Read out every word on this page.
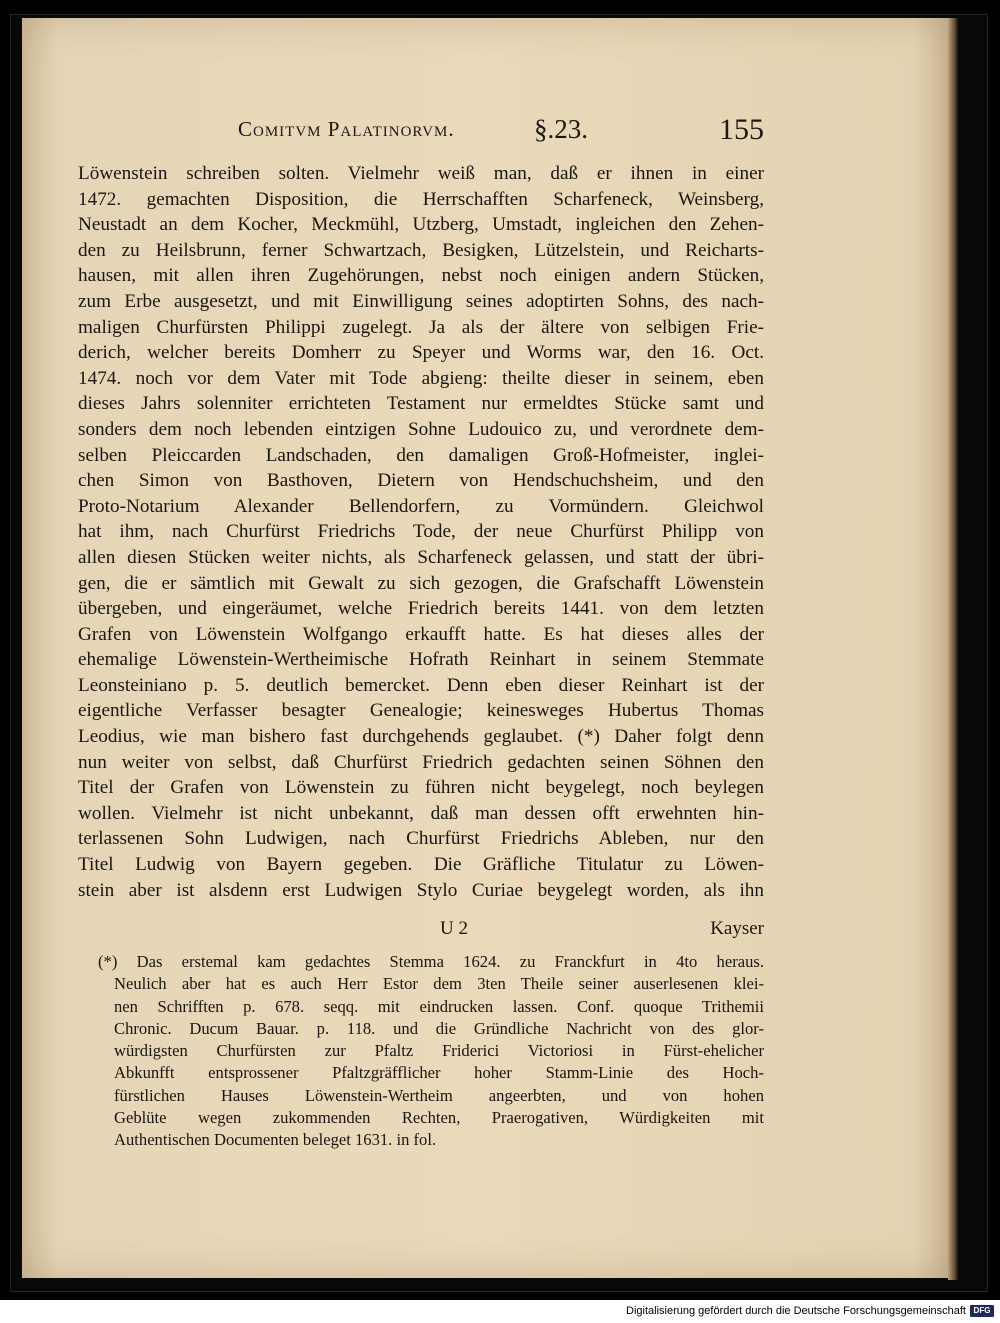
Comitvm Palatinorvm.	§.23.	155
Löwenstein schreiben solten. Vielmehr weiß man, daß er ihnen in einer
1472. gemachten Disposition, die Herrschafften Scharfeneck, Weinsberg,
Neustadt an dem Kocher, Meckmühl, Utzberg, Umstadt, ingleichen den Zehen-
den zu Heilsbrunn, ferner Schwartzach, Besigken, Lützelstein, und Reicharts-
hausen, mit allen ihren Zugehörungen, nebst noch einigen andern Stücken,
zum Erbe ausgesetzt, und mit Einwilligung seines adoptirten Sohns, des nach-
maligen Churfürsten Philippi zugelegt. Ja als der ältere von selbigen Frie-
derich, welcher bereits Domherr zu Speyer und Worms war, den 16. Oct.
1474. noch vor dem Vater mit Tode abgieng: theilte dieser in seinem, eben
dieses Jahrs solenniter errichteten Testament nur ermeldtes Stücke samt und
sonders dem noch lebenden eintzigen Sohne Ludouico zu, und verordnete dem-
selben Pleiccarden Landschaden, den damaligen Groß-Hofmeister, inglei-
chen Simon von Basthoven, Dietern von Hendschuchsheim, und den
Proto-Notarium Alexander Bellendorfern, zu Vormündern. Gleichwol
hat ihm, nach Churfürst Friedrichs Tode, der neue Churfürst Philipp von
allen diesen Stücken weiter nichts, als Scharfeneck gelassen, und statt der übri-
gen, die er sämtlich mit Gewalt zu sich gezogen, die Grafschafft Löwenstein
übergeben, und eingeräumet, welche Friedrich bereits 1441. von dem letzten
Grafen von Löwenstein Wolfgango erkaufft hatte. Es hat dieses alles der
ehemalige Löwenstein-Wertheimische Hofrath Reinhart in seinem Stemmate
Leonsteiniano p. 5. deutlich bemercket. Denn eben dieser Reinhart ist der
eigentliche Verfasser besagter Genealogie; keinesweges Hubertus Thomas
Leodius, wie man bishero fast durchgehends geglaubet. (*) Daher folgt denn
nun weiter von selbst, daß Churfürst Friedrich gedachten seinen Söhnen den
Titel der Grafen von Löwenstein zu führen nicht beygelegt, noch beylegen
wollen. Vielmehr ist nicht unbekannt, daß man dessen offt erwehnten hin-
terlassenen Sohn Ludwigen, nach Churfürst Friedrichs Ableben, nur den
Titel Ludwig von Bayern gegeben. Die Gräfliche Titulatur zu Löwen-
stein aber ist alsdenn erst Ludwigen Stylo Curiae beygelegt worden, als ihn
U 2	Kayser
(*) Das erstemal kam gedachtes Stemma 1624. zu Franckfurt in 4to heraus.
Neulich aber hat es auch Herr Estor dem 3ten Theile seiner auserlesenen klei-
nen Schrifften p. 678. seqq. mit eindrucken lassen. Conf. quoque Trithemii
Chronic. Ducum Bauar. p. 118. und die Gründliche Nachricht von des glor-
würdigsten Churfürsten zur Pfaltz Friderici Victoriosi in Fürst-ehelicher
Abkunfft entsprossener Pfaltzgräfflicher hoher Stamm-Linie des Hoch-
fürstlichen Hauses Löwenstein-Wertheim angeerbten, und von hohen
Geblüte wegen zukommenden Rechten, Praerogativen, Würdigkeiten mit
Authentischen Documenten beleget 1631. in fol.
Digitalisierung gefördert durch die Deutsche Forschungsgemeinschaft DFG
